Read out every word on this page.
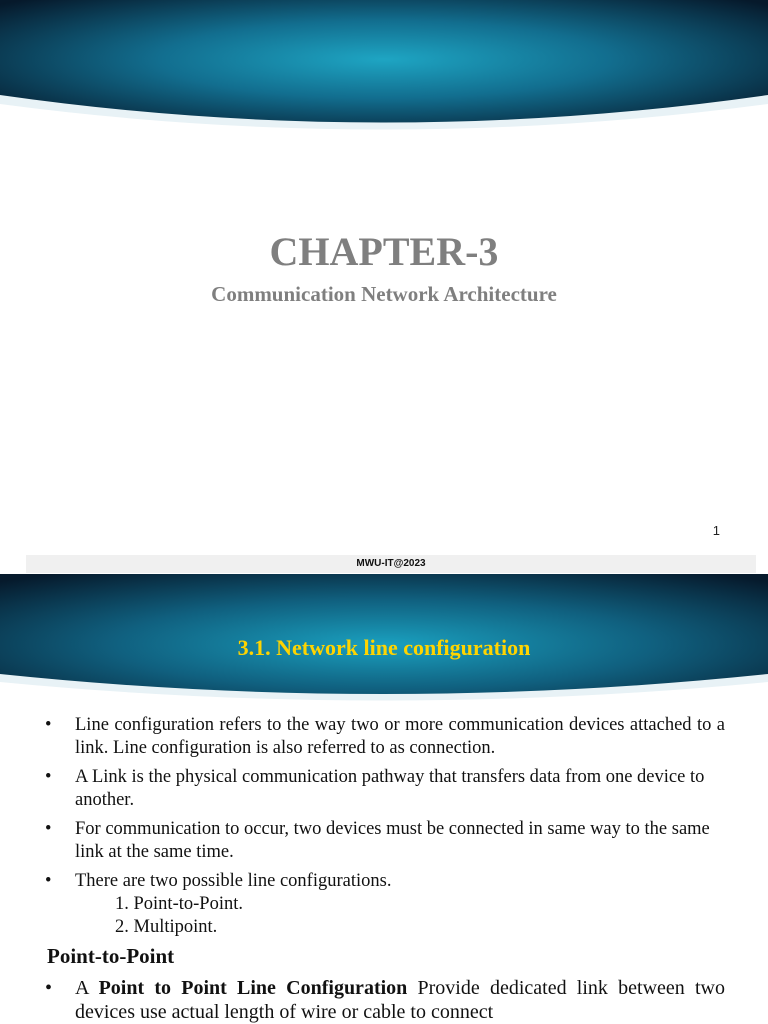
CHAPTER-3
Communication Network Architecture
1
MWU-IT@2023
3.1. Network line configuration
• Line configuration refers to the way two or more communication devices attached to a link. Line configuration is also referred to as connection.
• A Link is the physical communication pathway that transfers data from one device to another.
• For communication to occur, two devices must be connected in same way to the same link at the same time.
• There are two possible line configurations.
1. Point-to-Point.
2. Multipoint.
Point-to-Point
• A Point to Point Line Configuration Provide dedicated link between two devices use actual length of wire or cable to connect
